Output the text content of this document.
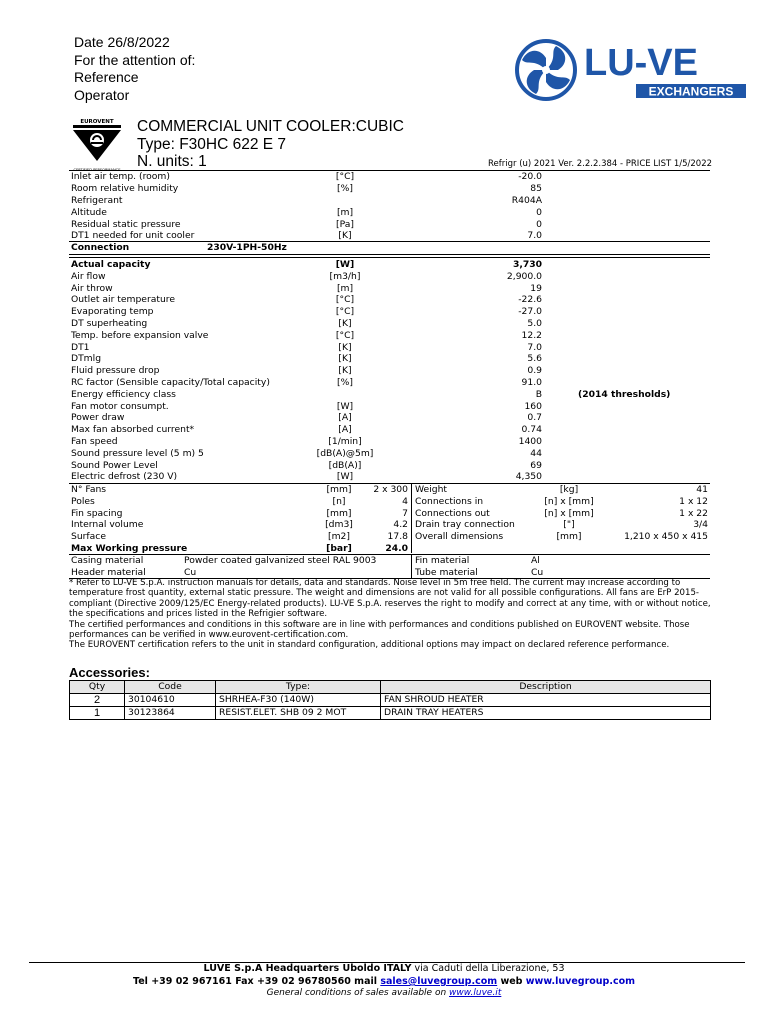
Date 26/8/2022
For the attention of:
Reference
Operator
LU-VE
EXCHANGERS
EUROVENT
CERTIFIED PERFORMANCE
COMMERCIAL UNIT COOLER:CUBIC
Type: F30HC 622 E 7
N. units: 1	Refrigr (u) 2021 Ver. 2.2.2.384 - PRICE LIST 1/5/2022
Inlet air temp. (room)	[°C]	-20.0
Room relative humidity	[%]	85
Refrigerant	R404A
Altitude	[m]	0
Residual static pressure	[Pa]	0
DT1 needed for unit cooler	[K]	7.0
Connection	230V-1PH-50Hz
Actual capacity	[W]	3,730
Air flow	[m3/h]	2,900.0
Air throw	[m]	19
Outlet air temperature	[°C]	-22.6
Evaporating temp	[°C]	-27.0
DT superheating	[K]	5.0
Temp. before expansion valve	[°C]	12.2
DT1	[K]	7.0
DTmlg	[K]	5.6
Fluid pressure drop	[K]	0.9
RC factor (Sensible capacity/Total capacity)	[%]	91.0
Energy efficiency class	B	(2014 thresholds)
Fan motor consumpt.	[W]	160
Power draw	[A]	0.7
Max fan absorbed current*	[A]	0.74
Fan speed	[1/min]	1400
Sound pressure level (5 m) 5	[dB(A)@5m]	44
Sound Power Level	[dB(A)]	69
Electric defrost (230 V)	[W]	4,350
N° Fans	[mm]	2 x 300 Weight	[kg]	41
Poles	[n]	4 Connections in	[n] x [mm]	1 x 12
Fin spacing	[mm]	7 Connections out	[n] x [mm]	1 x 22
Internal volume	[dm3]	4.2 Drain tray connection	["]	3/4
Surface	[m2]	17.8 Overall dimensions	[mm]	1,210 x 450 x 415
Max Working pressure	[bar]	24.0
Casing material	Powder coated galvanized steel RAL 9003	Fin material	Al
Header material	Cu	Tube material	Cu
* Refer to LU-VE S.p.A. instruction manuals for details, data and standards. Noise level in 5m free field. The current may increase according to temperature frost quantity, external static pressure. The weight and dimensions are not valid for all possible configurations. All fans are ErP 2015-compliant (Directive 2009/125/EC Energy-related products). LU-VE S.p.A. reserves the right to modify and correct at any time, with or without notice, the specifications and prices listed in the Refrigier software.
The certified performances and conditions in this software are in line with performances and conditions published on EUROVENT website. Those performances can be verified in www.eurovent-certification.com.
The EUROVENT certification refers to the unit in standard configuration, additional options may impact on declared reference performance.
Accessories:
Qty	Code	Type:	Description
2	30104610	SHRHEA-F30 (140W)	FAN SHROUD HEATER
1	30123864	RESIST.ELET. SHB 09 2 MOT	DRAIN TRAY HEATERS
LUVE S.p.A Headquarters Uboldo ITALY via Caduti della Liberazione, 53
Tel +39 02 967161 Fax +39 02 96780560 mail sales@luvegroup.com web www.luvegroup.com
General conditions of sales available on www.luve.it
